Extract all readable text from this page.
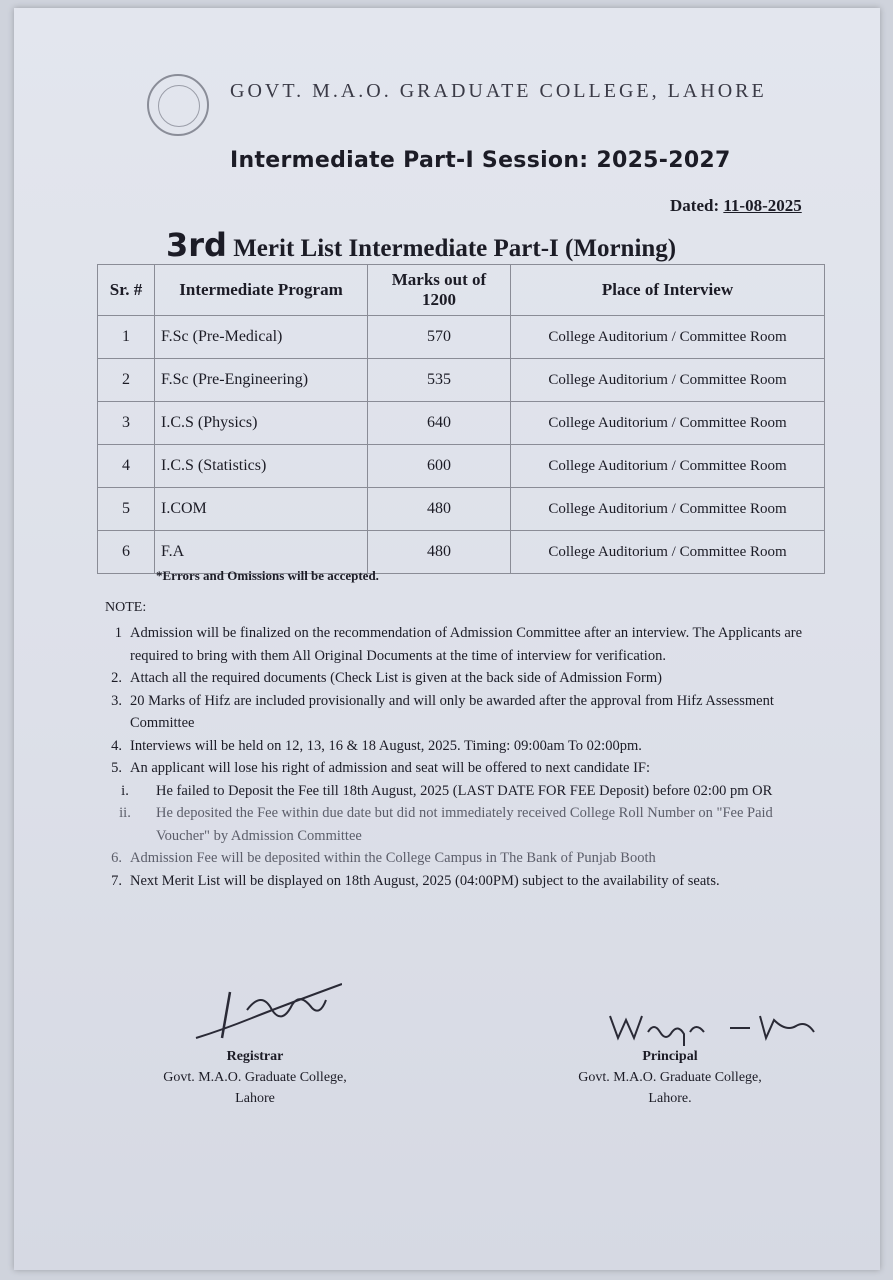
GOVT. M.A.O. GRADUATE COLLEGE, LAHORE
Intermediate Part-I Session: 2025-2027
Dated: 11-08-2025
3rd Merit List Intermediate Part-I (Morning)
Sr. #	Intermediate Program	Marks out of 1200	Place of Interview
1	F.Sc (Pre-Medical)	570	College Auditorium / Committee Room
2	F.Sc (Pre-Engineering)	535	College Auditorium / Committee Room
3	I.C.S (Physics)	640	College Auditorium / Committee Room
4	I.C.S (Statistics)	600	College Auditorium / Committee Room
5	I.COM	480	College Auditorium / Committee Room
6	F.A	480	College Auditorium / Committee Room
*Errors and Omissions will be accepted.
NOTE:
1 Admission will be finalized on the recommendation of Admission Committee after an interview. The Applicants are required to bring with them All Original Documents at the time of interview for verification.
2. Attach all the required documents (Check List is given at the back side of Admission Form)
3. 20 Marks of Hifz are included provisionally and will only be awarded after the approval from Hifz Assessment Committee
4. Interviews will be held on 12, 13, 16 & 18 August, 2025. Timing: 09:00am To 02:00pm.
5. An applicant will lose his right of admission and seat will be offered to next candidate IF:
i.	He failed to Deposit the Fee till 18th August, 2025 (LAST DATE FOR FEE Deposit) before 02:00 pm OR
ii.	He deposited the Fee within due date but did not immediately received College Roll Number on "Fee Paid Voucher" by Admission Committee
6. Admission Fee will be deposited within the College Campus in The Bank of Punjab Booth
7. Next Merit List will be displayed on 18th August, 2025 (04:00PM) subject to the availability of seats.
Registrar
Govt. M.A.O. Graduate College,
Lahore
Principal
Govt. M.A.O. Graduate College,
Lahore.
